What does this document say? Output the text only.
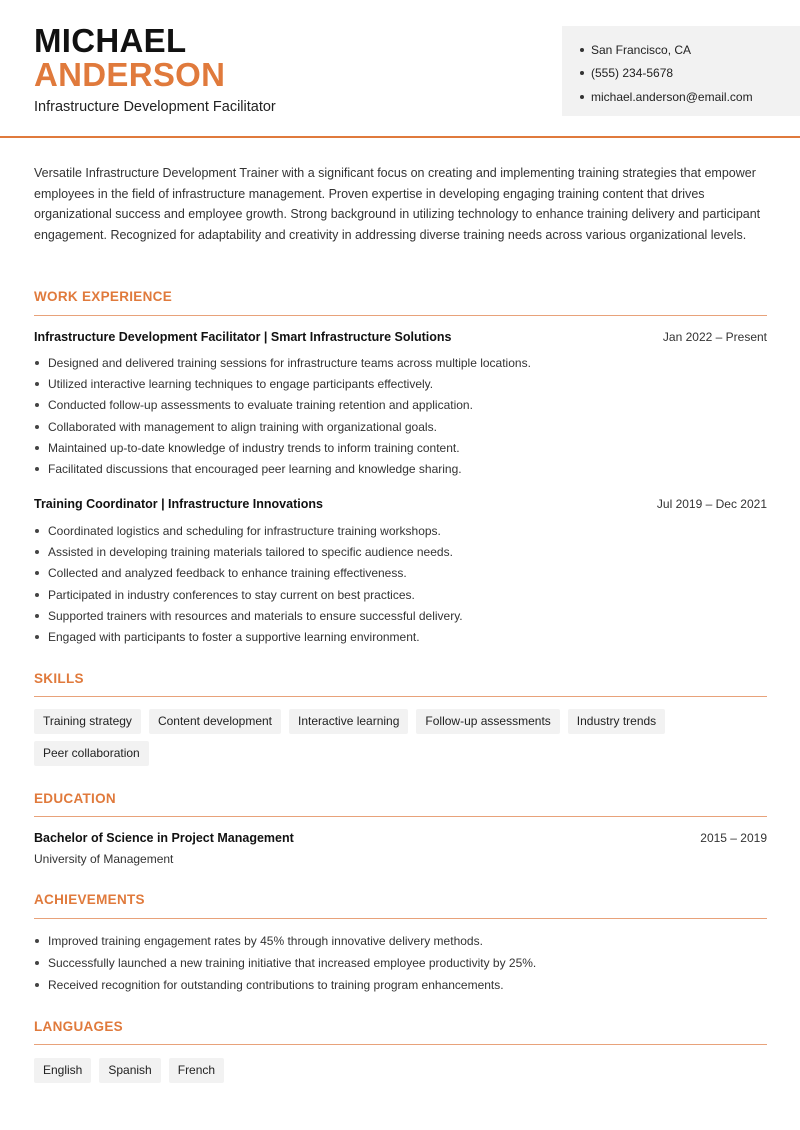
MICHAEL
ANDERSON
Infrastructure Development Facilitator
San Francisco, CA
(555) 234-5678
michael.anderson@email.com
Versatile Infrastructure Development Trainer with a significant focus on creating and implementing training strategies that empower employees in the field of infrastructure management. Proven expertise in developing engaging training content that drives organizational success and employee growth. Strong background in utilizing technology to enhance training delivery and participant engagement. Recognized for adaptability and creativity in addressing diverse training needs across various organizational levels.
WORK EXPERIENCE
Infrastructure Development Facilitator | Smart Infrastructure Solutions	Jan 2022 – Present
Designed and delivered training sessions for infrastructure teams across multiple locations.
Utilized interactive learning techniques to engage participants effectively.
Conducted follow-up assessments to evaluate training retention and application.
Collaborated with management to align training with organizational goals.
Maintained up-to-date knowledge of industry trends to inform training content.
Facilitated discussions that encouraged peer learning and knowledge sharing.
Training Coordinator | Infrastructure Innovations	Jul 2019 – Dec 2021
Coordinated logistics and scheduling for infrastructure training workshops.
Assisted in developing training materials tailored to specific audience needs.
Collected and analyzed feedback to enhance training effectiveness.
Participated in industry conferences to stay current on best practices.
Supported trainers with resources and materials to ensure successful delivery.
Engaged with participants to foster a supportive learning environment.
SKILLS
Training strategy	Content development	Interactive learning	Follow-up assessments	Industry trends
Peer collaboration
EDUCATION
Bachelor of Science in Project Management	2015 – 2019
University of Management
ACHIEVEMENTS
Improved training engagement rates by 45% through innovative delivery methods.
Successfully launched a new training initiative that increased employee productivity by 25%.
Received recognition for outstanding contributions to training program enhancements.
LANGUAGES
English	Spanish	French
